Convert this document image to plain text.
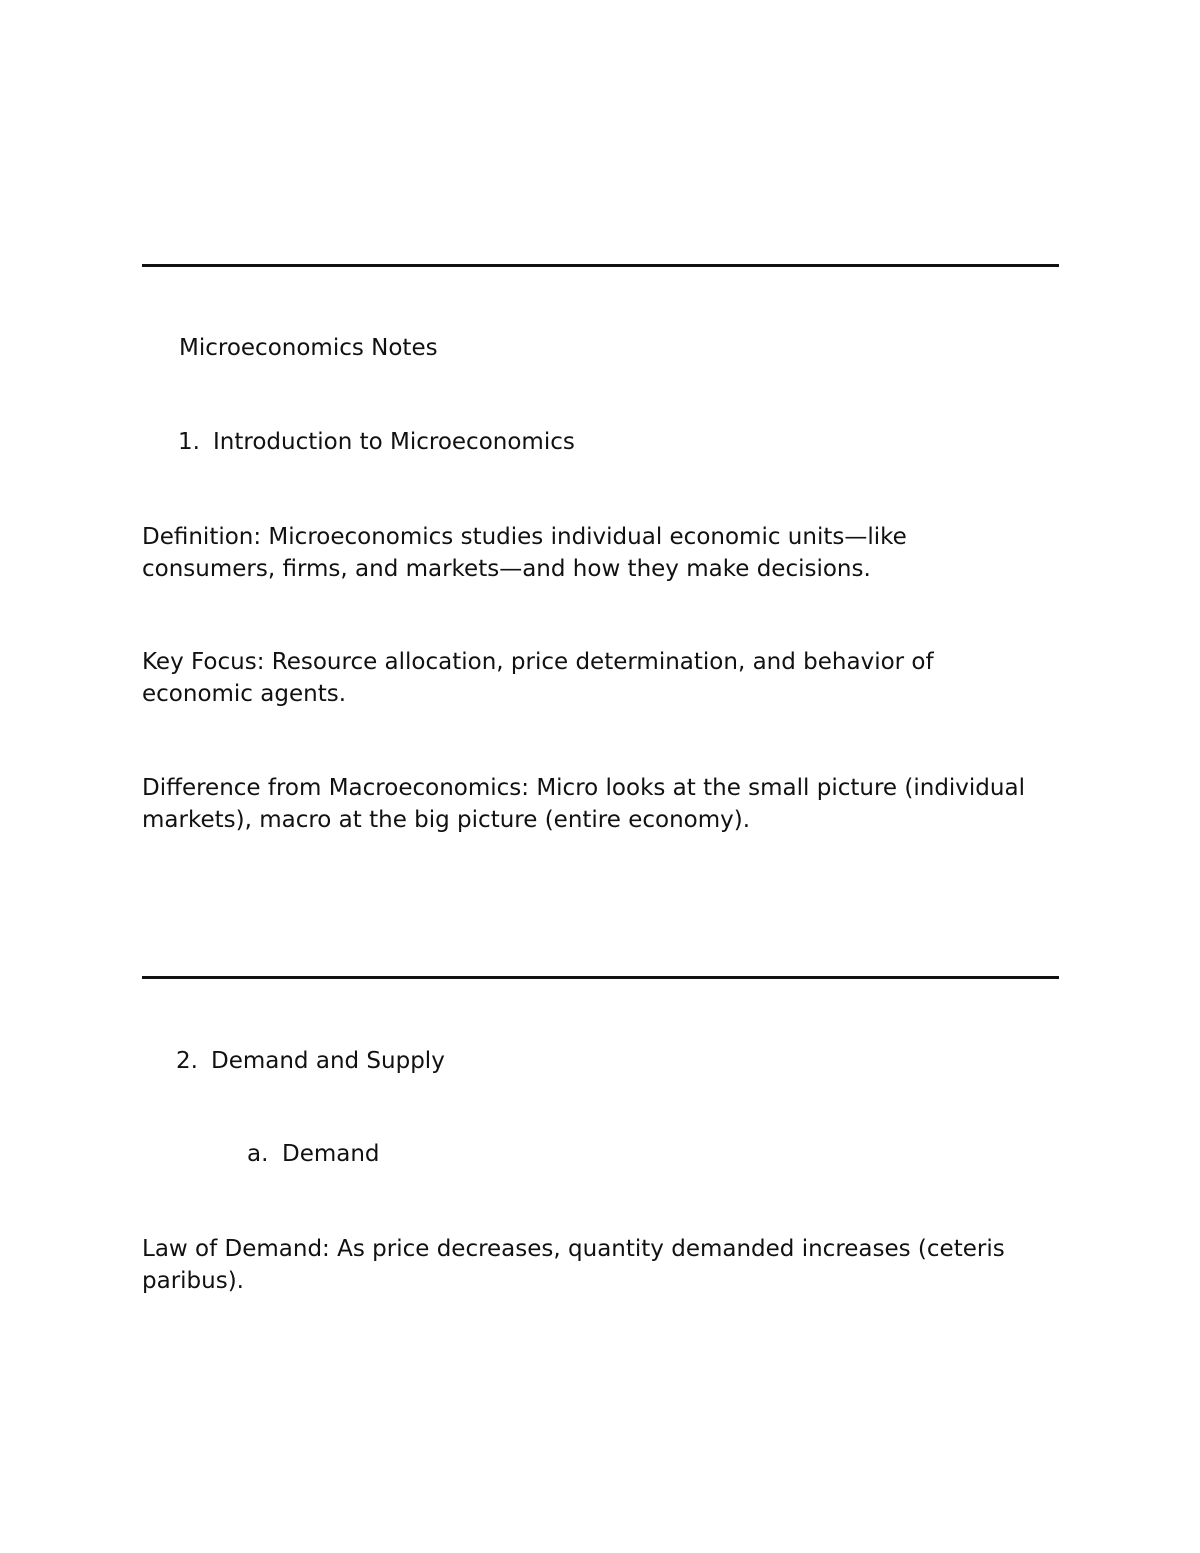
Microeconomics Notes

1. Introduction to Microeconomics

Definition: Microeconomics studies individual economic units—like
consumers, firms, and markets—and how they make decisions.

Key Focus: Resource allocation, price determination, and behavior of
economic agents.

Difference from Macroeconomics: Micro looks at the small picture (individual
markets), macro at the big picture (entire economy).

2. Demand and Supply

a. Demand

Law of Demand: As price decreases, quantity demanded increases (ceteris
paribus).
